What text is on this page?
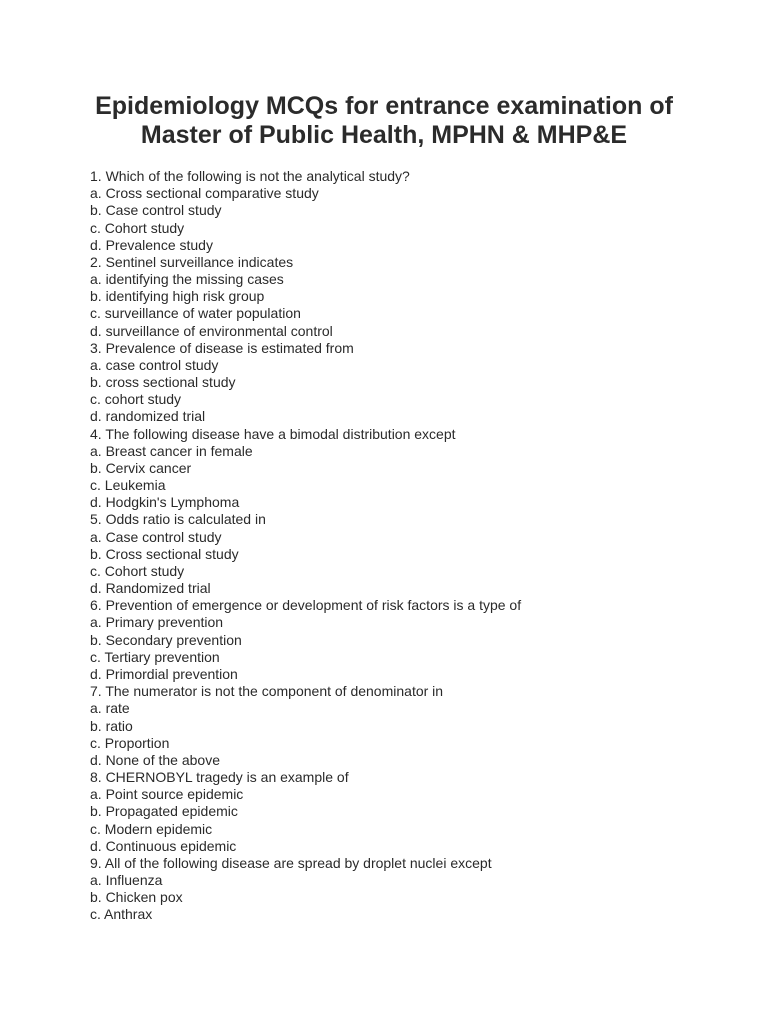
Epidemiology MCQs for entrance examination of
Master of Public Health, MPHN & MHP&E
1. Which of the following is not the analytical study?
a. Cross sectional comparative study
b. Case control study
c. Cohort study
d. Prevalence study
2. Sentinel surveillance indicates
a. identifying the missing cases
b. identifying high risk group
c. surveillance of water population
d. surveillance of environmental control
3. Prevalence of disease is estimated from
a. case control study
b. cross sectional study
c. cohort study
d. randomized trial
4. The following disease have a bimodal distribution except
a. Breast cancer in female
b. Cervix cancer
c. Leukemia
d. Hodgkin's Lymphoma
5. Odds ratio is calculated in
a. Case control study
b. Cross sectional study
c. Cohort study
d. Randomized trial
6. Prevention of emergence or development of risk factors is a type of
a. Primary prevention
b. Secondary prevention
c. Tertiary prevention
d. Primordial prevention
7. The numerator is not the component of denominator in
a. rate
b. ratio
c. Proportion
d. None of the above
8. CHERNOBYL tragedy is an example of
a. Point source epidemic
b. Propagated epidemic
c. Modern epidemic
d. Continuous epidemic
9. All of the following disease are spread by droplet nuclei except
a. Influenza
b. Chicken pox
c. Anthrax
